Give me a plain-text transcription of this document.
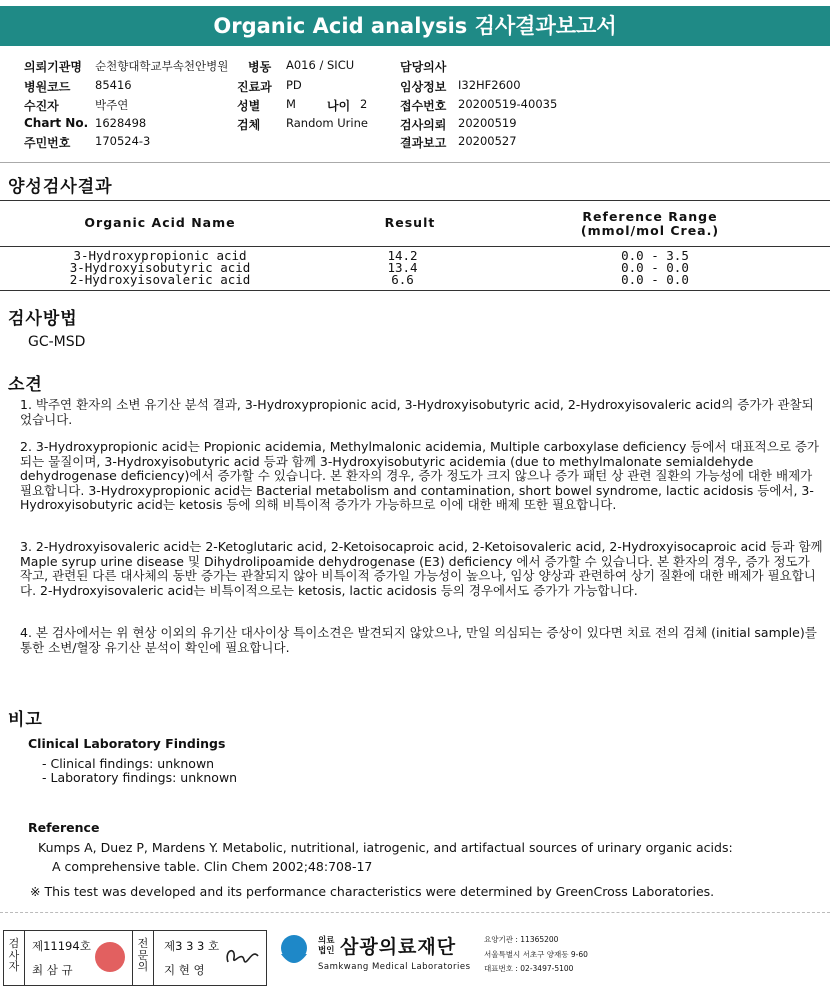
Organic Acid analysis 검사결과보고서
의뢰기관명 순천향대학교부속천안병원 병동 A016 / SICU	담당의사
병원코드 85416	진료과 PD	임상정보 I32HF2600
수진자	박주연	성별 M	나이 2	접수번호 20200519-40035
Chart No. 1628498	검체 Random Urine	검사의뢰 20200519
주민번호 170524-3	결과보고 20200527
양성검사결과
Organic Acid Name	Result	Reference Range
(mmol/mol Crea.)
3-Hydroxypropionic acid	14.2	0.0 - 3.5
3-Hydroxyisobutyric acid	13.4	0.0 - 0.0
2-Hydroxyisovaleric acid	6.6	0.0 - 0.0
검사방법
GC-MSD
소견
1. 박주연 환자의 소변 유기산 분석 결과, 3-Hydroxypropionic acid, 3-Hydroxyisobutyric acid, 2-Hydroxyisovaleric acid의 증가가 관찰되었습니다.
2. 3-Hydroxypropionic acid는 Propionic acidemia, Methylmalonic acidemia, Multiple carboxylase deficiency 등에서 대표적으로 증가되는 물질이며, 3-Hydroxyisobutyric acid 등과 함께 3-Hydroxyisobutyric acidemia (due to methylmalonate semialdehyde dehydrogenase deficiency)에서 증가할 수 있습니다. 본 환자의 경우, 증가 정도가 크지 않으나 증가 패턴 상 관련 질환의 가능성에 대한 배제가 필요합니다. 3-Hydroxypropionic acid는 Bacterial metabolism and contamination, short bowel syndrome, lactic acidosis 등에서, 3-Hydroxyisobutyric acid는 ketosis 등에 의해 비특이적 증가가 가능하므로 이에 대한 배제 또한 필요합니다.
3. 2-Hydroxyisovaleric acid는 2-Ketoglutaric acid, 2-Ketoisocaproic acid, 2-Ketoisovaleric acid, 2-Hydroxyisocaproic acid 등과 함께 Maple syrup urine disease 및 Dihydrolipoamide dehydrogenase (E3) deficiency 에서 증가할 수 있습니다. 본 환자의 경우, 증가 정도가 작고, 관련된 다른 대사체의 동반 증가는 관찰되지 않아 비특이적 증가일 가능성이 높으나, 임상 양상과 관련하여 상기 질환에 대한 배제가 필요합니다. 2-Hydroxyisovaleric acid는 비특이적으로는 ketosis, lactic acidosis 등의 경우에서도 증가가 가능합니다.
4. 본 검사에서는 위 현상 이외의 유기산 대사이상 특이소견은 발견되지 않았으나, 만일 의심되는 증상이 있다면 치료 전의 검체 (initial sample)를 통한 소변/혈장 유기산 분석이 확인에 필요합니다.
비고
Clinical Laboratory Findings
- Clinical findings: unknown
- Laboratory findings: unknown
Reference
Kumps A, Duez P, Mardens Y. Metabolic, nutritional, iatrogenic, and artifactual sources of urinary organic acids:
A comprehensive table. Clin Chem 2002;48:708-17
※ This test was developed and its performance characteristics were determined by GreenCross Laboratories.
검사자
제11194호
최 삼 규
전문의
제3 3 3 호
지 현 영	SML
의료법인 삼광의료재단
Samkwang Medical Laboratories
요양기관 : 11365200
서울특별시 서초구 양재동 9-60
대표번호 : 02-3497-5100
